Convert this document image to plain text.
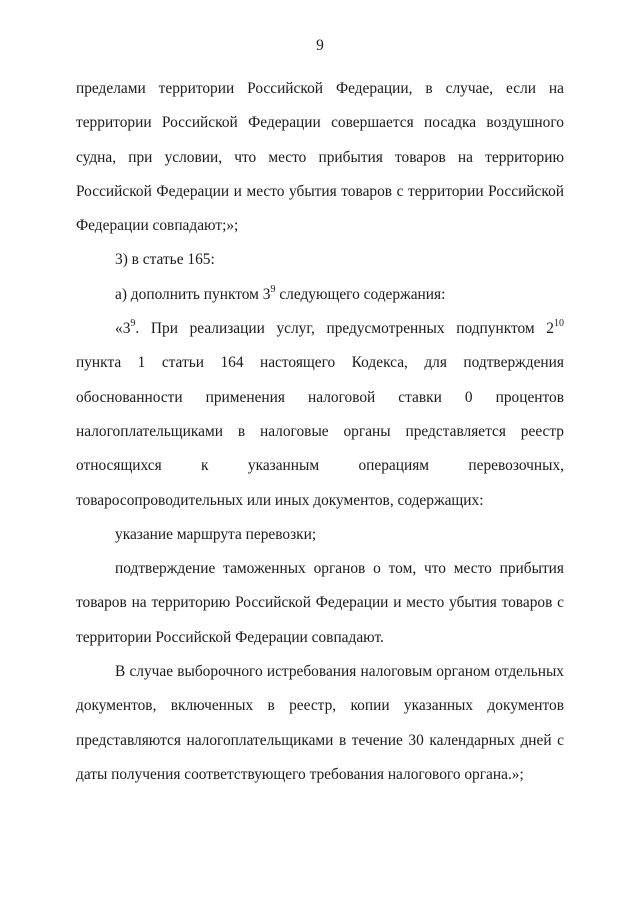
9

пределами территории Российской Федерации, в случае, если на территории Российской Федерации совершается посадка воздушного судна, при условии, что место прибытия товаров на территорию Российской Федерации и место убытия товаров с территории Российской Федерации совпадают;»;

3) в статье 165:

а) дополнить пунктом $3^9$ следующего содержания:

«$3^9$. При реализации услуг, предусмотренных подпунктом $2^{10}$ пункта 1 статьи 164 настоящего Кодекса, для подтверждения обоснованности применения налоговой ставки 0 процентов налогоплательщиками в налоговые органы представляется реестр относящихся к указанным операциям перевозочных, товаросопроводительных или иных документов, содержащих:

указание маршрута перевозки;

подтверждение таможенных органов о том, что место прибытия товаров на территорию Российской Федерации и место убытия товаров с территории Российской Федерации совпадают.

В случае выборочного истребования налоговым органом отдельных документов, включенных в реестр, копии указанных документов представляются налогоплательщиками в течение 30 календарных дней с даты получения соответствующего требования налогового органа.»;
